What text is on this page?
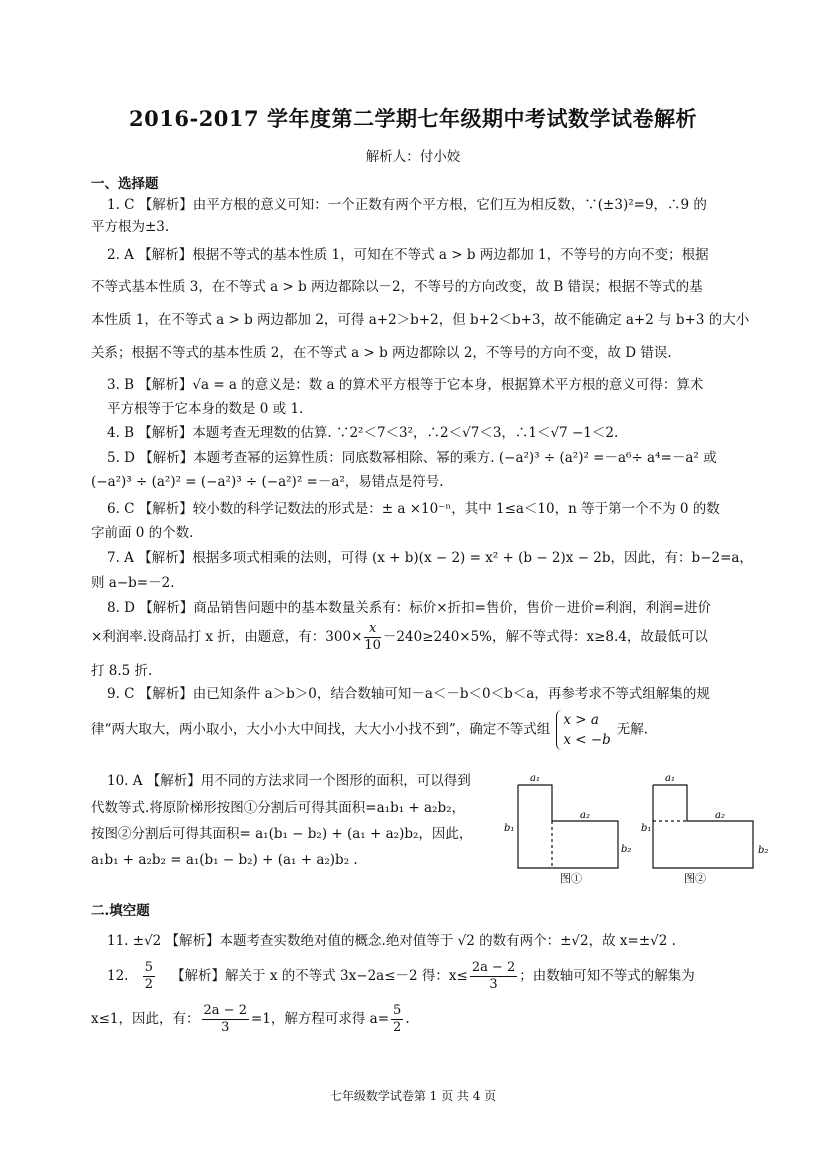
2016-2017 学年度第二学期七年级期中考试数学试卷解析
解析人：付小姣
一、选择题
1. C 【解析】由平方根的意义可知：一个正数有两个平方根，它们互为相反数，∵(±3)²=9，∴9 的
平方根为±3.
2. A 【解析】根据不等式的基本性质 1，可知在不等式 a > b 两边都加 1，不等号的方向不变；根据
不等式基本性质 3，在不等式 a > b 两边都除以－2，不等号的方向改变，故 B 错误；根据不等式的基
本性质 1，在不等式 a > b 两边都加 2，可得 a+2＞b+2，但 b+2＜b+3，故不能确定 a+2 与 b+3 的大小
关系；根据不等式的基本性质 2，在不等式 a > b 两边都除以 2，不等号的方向不变，故 D 错误.
3. B 【解析】√a = a 的意义是：数 a 的算术平方根等于它本身，根据算术平方根的意义可得：算术
平方根等于它本身的数是 0 或 1.
4. B 【解析】本题考查无理数的估算. ∵2²＜7＜3²，∴2＜√7＜3，∴1＜√7 −1＜2.
5. D 【解析】本题考查幂的运算性质：同底数幂相除、幂的乘方. (−a²)³ ÷ (a²)² =－a⁶÷ a⁴=－a² 或
(−a²)³ ÷ (a²)² = (−a²)³ ÷ (−a²)² =－a²，易错点是符号.
6. C 【解析】较小数的科学记数法的形式是：± a ×10⁻ⁿ，其中 1≤a＜10，n 等于第一个不为 0 的数
字前面 0 的个数.
7. A 【解析】根据多项式相乘的法则，可得 (x + b)(x − 2) = x² + (b − 2)x − 2b，因此，有：b−2=a，
则 a−b=－2.
8. D 【解析】商品销售问题中的基本数量关系有：标价×折扣=售价，售价－进价=利润，利润=进价
×利润率.设商品打 x 折，由题意，有：$300\times \frac{x}{10} -240\ge 240\times 5\%$，解不等式得：x≥8.4，故最低可以
打 8.5 折.
9. C 【解析】由已知条件 a＞b＞0，结合数轴可知－a＜－b＜0＜b＜a，再参考求不等式组解集的规
律“两大取大，两小取小，大小小大中间找，大大小小找不到”，确定不等式组
x > a
x < −b
无解.
10. A 【解析】用不同的方法求同一个图形的面积，可以得到
代数等式.将原阶梯形按图①分割后可得其面积=a₁b₁ + a₂b₂，
按图②分割后可得其面积= a₁(b₁ − b₂) + (a₁ + a₂)b₂，因此，
a₁b₁ + a₂b₂ = a₁(b₁ − b₂) + (a₁ + a₂)b₂ .
a₁
a₂
b₁
b₂
图①
a₁
a₂
b₁
b₂
图②
二.填空题
11. ±√2 【解析】本题考查实数绝对值的概念.绝对值等于 √2 的数有两个：±√2，故 x=±√2 .
12. $\frac{5}{2}$ 【解析】解关于 x 的不等式 3x−2a≤－2 得：$x\le \frac{2a - 2}{3}$ ；由数轴可知不等式的解集为
x≤1，因此，有： $\frac{2a - 2}{3} =1$，解方程可求得 $a= \frac{5}{2}$ .
七年级数学试卷第 1 页 共 4 页
